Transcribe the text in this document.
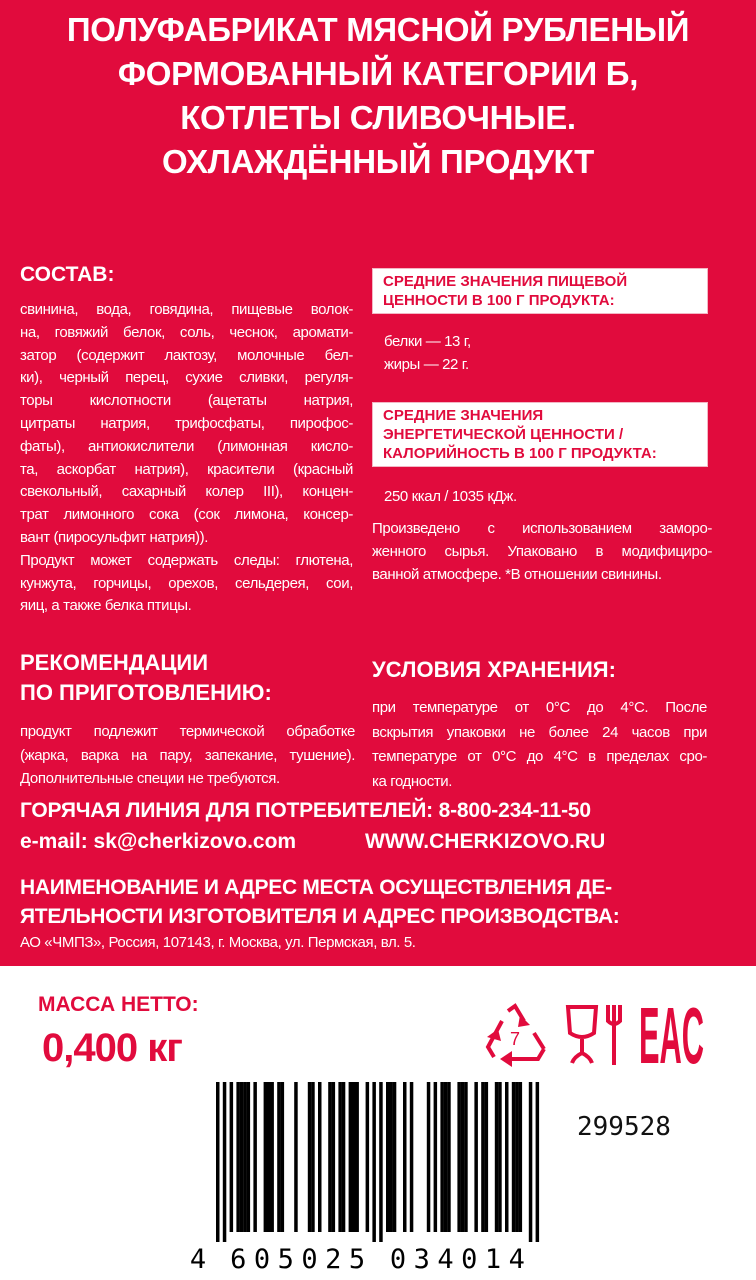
ПОЛУФАБРИКАТ МЯСНОЙ РУБЛЕНЫЙ
ФОРМОВАННЫЙ КАТЕГОРИИ Б,
КОТЛЕТЫ СЛИВОЧНЫЕ.
ОХЛАЖДЁННЫЙ ПРОДУКТ
СОСТАВ:
свинина, вода, говядина, пищевые волок-
на, говяжий белок, соль, чеснок, аромати-
затор (содержит лактозу, молочные бел-
ки), черный перец, сухие сливки, регуля-
торы кислотности (ацетаты натрия,
цитраты натрия, трифосфаты, пирофос-
фаты), антиокислители (лимонная кисло-
та, аскорбат натрия), красители (красный
свекольный, сахарный колер III), концен-
трат лимонного сока (сок лимона, консер-
вант (пиросульфит натрия)).
Продукт может содержать следы: глютена,
кунжута, горчицы, орехов, сельдерея, сои,
яиц, а также белка птицы.
СРЕДНИЕ ЗНАЧЕНИЯ ПИЩЕВОЙ
ЦЕННОСТИ В 100 Г ПРОДУКТА:
белки — 13 г,
жиры — 22 г.
СРЕДНИЕ ЗНАЧЕНИЯ
ЭНЕРГЕТИЧЕСКОЙ ЦЕННОСТИ /
КАЛОРИЙНОСТЬ В 100 Г ПРОДУКТА:
250 ккал / 1035 кДж.
Произведено с использованием заморо-
женного сырья. Упаковано в модифициро-
ванной атмосфере. *В отношении свинины.
РЕКОМЕНДАЦИИ
ПО ПРИГОТОВЛЕНИЮ:
продукт подлежит термической обработке
(жарка, варка на пару, запекание, тушение).
Дополнительные специи не требуются.
УСЛОВИЯ ХРАНЕНИЯ:
при температуре от 0°С до 4°С. После
вскрытия упаковки не более 24 часов при
температуре от 0°С до 4°С в пределах сро-
ка годности.
ГОРЯЧАЯ ЛИНИЯ ДЛЯ ПОТРЕБИТЕЛЕЙ: 8-800-234-11-50
e-mail: sk@cherkizovo.com	WWW.CHERKIZOVO.RU
НАИМЕНОВАНИЕ И АДРЕС МЕСТА ОСУЩЕСТВЛЕНИЯ ДЕ-
ЯТЕЛЬНОСТИ ИЗГОТОВИТЕЛЯ И АДРЕС ПРОИЗВОДСТВА:
АО «ЧМПЗ», Россия, 107143, г. Москва, ул. Пермская, вл. 5.
МАССА НЕТТО:
0,400 кг	7 EAC
299528
4 605025 034014
